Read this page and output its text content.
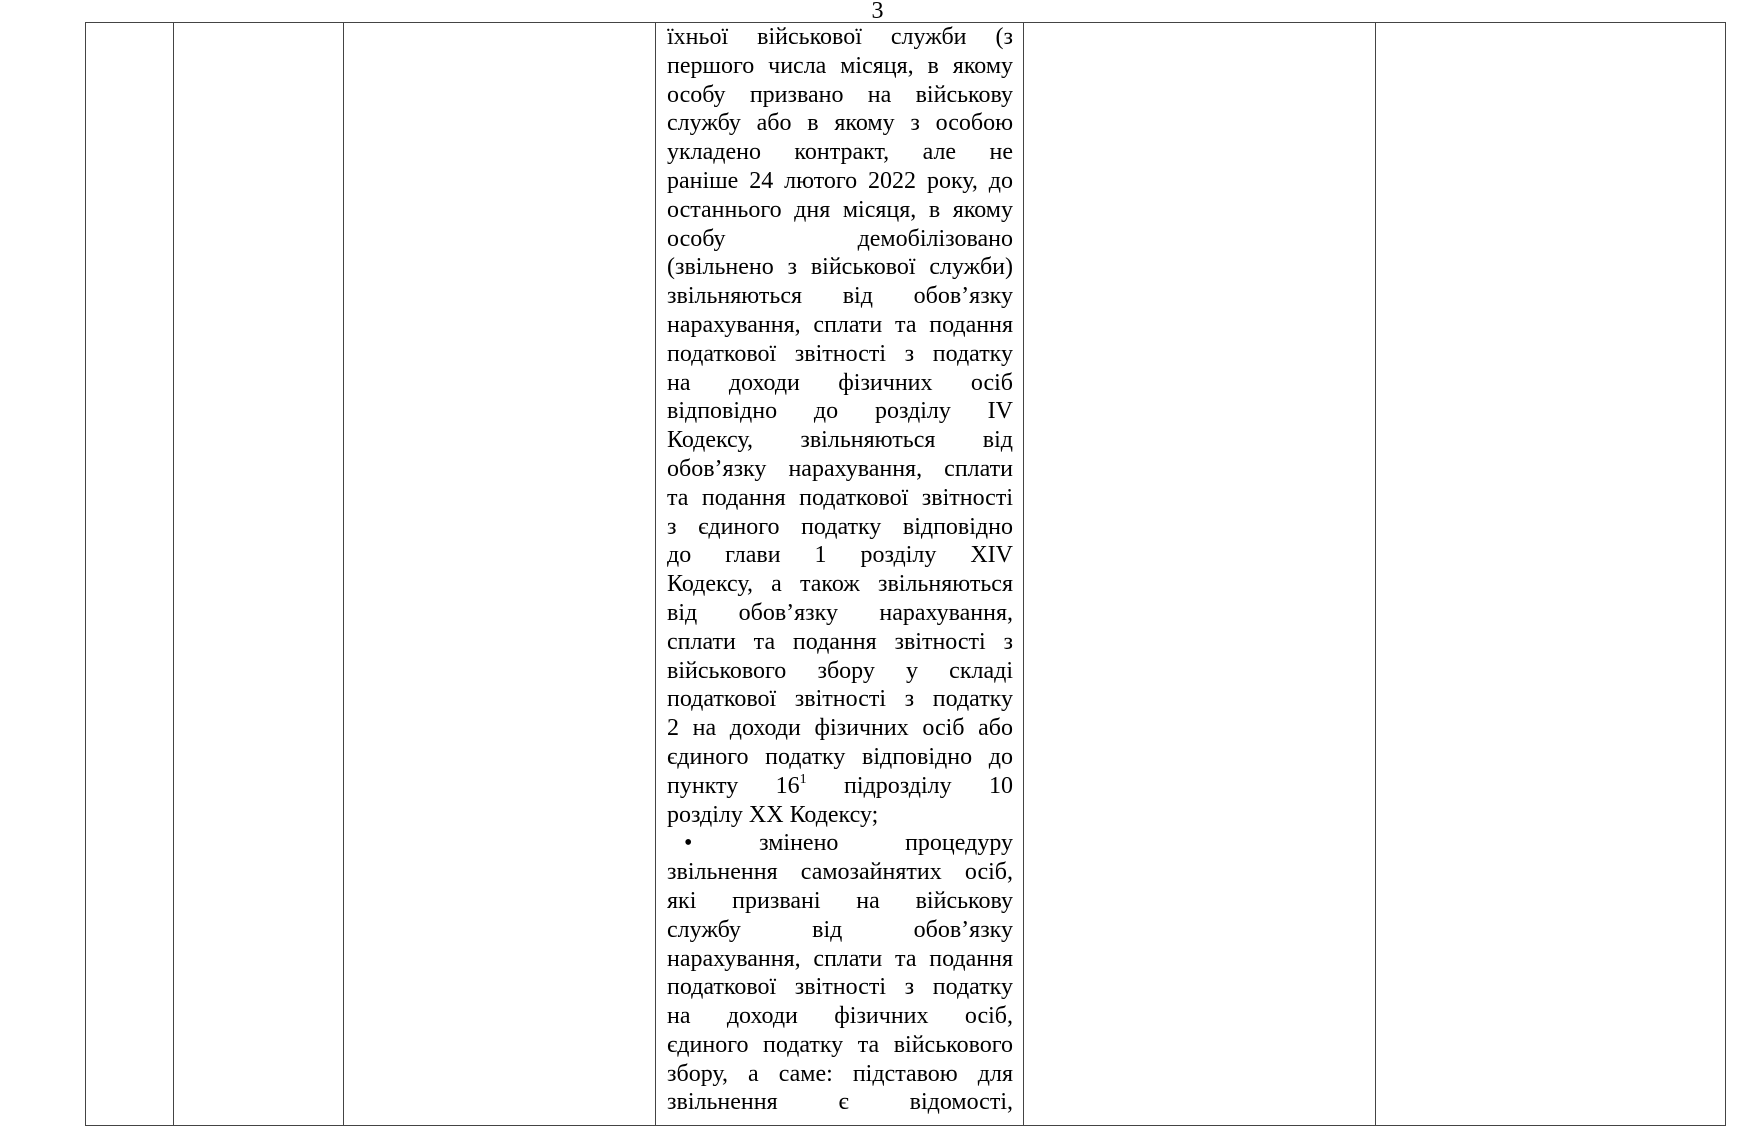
3

їхньої військової служби (з

першого числа місяця, в якому

особу призвано на військову

службу або в якому з особою

укладено контракт, але не

раніше 24 лютого 2022 року, до

останнього дня місяця, в якому

особу демобілізовано

(звільнено з військової служби)

звільняються від обов’язку

нарахування, сплати та подання

податкової звітності з податку

на доходи фізичних осіб

відповідно до розділу IV

Кодексу, звільняються від

обов’язку нарахування, сплати

та подання податкової звітності

з єдиного податку відповідно

до глави 1 розділу XIV

Кодексу, а також звільняються

від обов’язку нарахування,

сплати та подання звітності з

військового збору у складі

податкової звітності з податку

2 на доходи фізичних осіб або

єдиного податку відповідно до

пункту $16^1$ підрозділу 10

розділу XX Кодексу;

• змінено процедуру

звільнення самозайнятих осіб,

які призвані на військову

службу від обов’язку

нарахування, сплати та подання

податкової звітності з податку

на доходи фізичних осіб,

єдиного податку та військового

збору, а саме: підставою для

звільнення є відомості,
